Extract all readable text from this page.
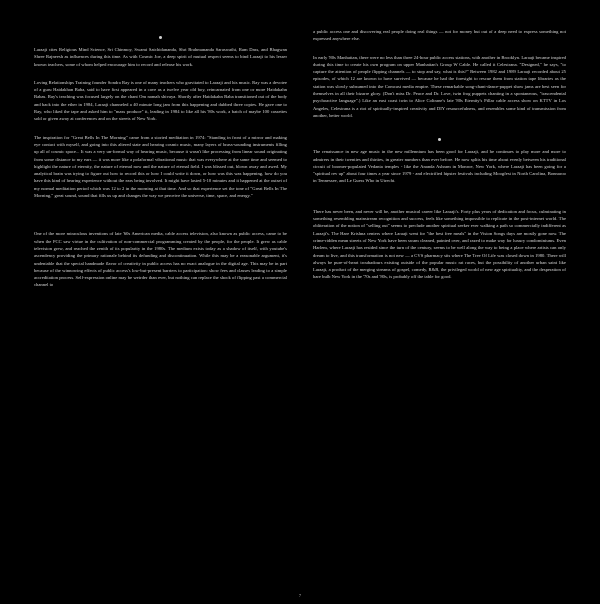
Laraaji cites Religious Mind Science, Sri Chinmoy, Swami Satchidananda, Shri Brahmananda Saraswathi, Ram Dass, and Bhagwan Shree Rajneesh as influences during this time. As with Cosmic Joe, a deep spirit of mutual respect seems to bind Laraaji to his lesser known teachers, some of whom helped encourage him to record and release his work.

Loving Relationships Training founder Sondra Ray is one of many teachers who gravitated to Laraaji and his music. Ray was a devotee of a guru Haidakhan Baba, said to have first appeared in a cave as a twelve year old boy, reincarnated from one or more Haidakahn Babas. Ray's teaching was focused largely on the chant Om namah shivaya. Shortly after Haidakahn Baba transitioned out of the body and back into the ether in 1984, Laraaji channeled a 40 minute long jam from this happening and dubbed three copies. He gave one to Ray, who liked the tape and asked him to "mass produce" it, leading in 1984 to like all his '80s work, a batch of maybe 100 cassettes sold or given away at conferences and on the streets of New York.

The inspiration for "Great Bells In The Morning" came from a storied meditation in 1974: "Standing in front of a mirror and making eye contact with myself, and going into this altered state and hearing cosmic music, many layers of brass-sounding instruments filling up all of cosmic space... It was a very un-formal way of hearing music, because it wasn't like processing from linear sound originating from some distance to my ears — it was more like a polaformal vibrational music that was everywhere at the same time and seemed to highlight the nature of eternity, the nature of eternal now and the nature of eternal field. I was blissed out, blown away and awed. My analytical brain was trying to figure out how to record this or how I could write it down, or how was this was happening, how do you have this kind of hearing experience without the ears being involved. It might have lasted 5-10 minutes and it happened at the outset of my normal meditation period which was 12 to 2 in the morning at that time. And so that experience set the tone of "Great Bells In The Morning," great sound, sound that fills us up and changes the way we perceive the universe, time, space, and energy."

One of the more miraculous inventions of late '60s American media, cable access television, also known as public access, came to be when the FCC saw virtue in the cultivation of non-commercial programming created by the people, for the people. It grew as cable television grew, and reached the zenith of its popularity in the 1980s. The medium exists today as a shadow of itself, with youtube's ascendency providing the primary rationale behind its defunding and discontinuation. While this may be a reasonable argument, it's undeniable that the special handmade flavor of creativity in public access has no exact analogue in the digital age. This may be in part because of the winnowing effects of public access's low-but-present barriers to participation: show fees and classes leading to a simple accreditation process. Self-expression online may be weirder than ever, but nothing can replace the shock of flipping past a commercial channel to

a public access one and discovering real people doing real things — not for money but out of a deep need to express something not expressed anywhere else.

In early '80s Manhattan, there were no less than three 24-hour public access stations, with another in Brooklyn. Laraaji became inspired during this time to create his own program on upper Manhattan's Group W Cable. He called it Celestrana. "Designed," he says, "to capture the attention of people flipping channels — to stop and say, what is this?" Between 1982 and 1989 Laraaji recorded about 25 episodes, of which 12 are known to have survived — because he had the foresight to rescue them from station tape libraries as the station was slowly subsumed into the Comcast media empire. These remarkable song-chant-dance-puppet show jams are best seen for themselves in all their bizarre glory. (Don't miss Dr. Peace and Dr. Love, twin frog puppets chanting in a spontaneous, "trascendental psychoactive language".) Like an east coast twin to Alice Coltrane's late '80s Eternity's Pillar cable access show on KTTV in Los Angeles, Celestrana is a riot of spiritually-inspired creativity and DIY resourcefulness, and resembles some kind of transmission from another, better world.

The renaissance in new age music in the new millennium has been good for Laraaji, and he continues to play more and more to admirers in their twenties and thirties, in greater numbers than ever before. He now splits his time about evenly between his traditional circuit of boomer-populated Vedanta temples - like the Ananda Ashram in Monroe, New York, where Laraaji has been going for a "spiritual rev up" about four times a year since 1979 - and electrified hipster festivals including Moogfest in North Carolina, Bonnaroo in Tennessee, and Le Guess Who in Utrecht.

There has never been, and never will be, another musical career like Laraaji's. Forty plus years of dedication and focus, culminating in something resembling mainstream recognition and success, feels like something impossible to replicate in the post-internet world. The obliteration of the notion of "selling out" seems to preclude another spiritual seeker ever walking a path so commercially indifferent as Laraaji's. The Hare Krishna centers where Laraaji went for "the best free meals" in the Vision Songs days are mostly gone now. The crime-ridden mean streets of New York have been swam cleaned, painted over, and razed to make way for luxury condominiums. Even Harlem, where Laraaji has resided since the turn of the century, seems to be well along the way to being a place where artists can only dream to live, and this transformation is not new — a CVS pharmacy sits where The Tree Of Life was closed down in 1980. There will always be pure-of-heart troubadours existing outside of the popular music rat races, but the possibility of another urban saint like Laraaji, a product of the merging streams of gospel, comedy, R&B, the privileged world of new age spirituality, and the desperation of bare bulb New York in the '70s and '80s, is probably off the table for good.

7
